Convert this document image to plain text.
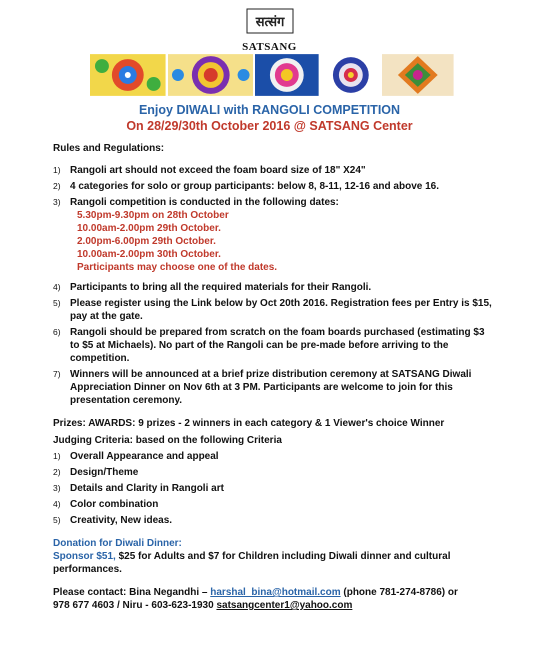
सत्संग
SATSANG
Enjoy DIWALI with RANGOLI COMPETITION
On 28/29/30th October 2016 @ SATSANG Center

Rules and Regulations:

1) Rangoli art should not exceed the foam board size of 18" X24"
2) 4 categories for solo or group participants: below 8, 8-11, 12-16 and above 16.
3) Rangoli competition is conducted in the following dates:
5.30pm-9.30pm on 28th October
10.00am-2.00pm 29th October.
2.00pm-6.00pm 29th October.
10.00am-2.00pm 30th October.
Participants may choose one of the dates.
4) Participants to bring all the required materials for their Rangoli.
5) Please register using the Link below by Oct 20th 2016. Registration fees per Entry is $15, pay at the gate.
6) Rangoli should be prepared from scratch on the foam boards purchased (estimating $3 to $5 at Michaels). No part of the Rangoli can be pre-made before arriving to the competition.
7) Winners will be announced at a brief prize distribution ceremony at SATSANG Diwali Appreciation Dinner on Nov 6th at 3 PM. Participants are welcome to join for this presentation ceremony.

Prizes: AWARDS: 9 prizes - 2 winners in each category & 1 Viewer's choice Winner

Judging Criteria: based on the following Criteria

1) Overall Appearance and appeal
2) Design/Theme
3) Details and Clarity in Rangoli art
4) Color combination
5) Creativity, New ideas.

Donation for Diwali Dinner:

Sponsor $51, $25 for Adults and $7 for Children including Diwali dinner and cultural performances.

Please contact: Bina Negandhi – harshal_bina@hotmail.com (phone 781-274-8786) or

978 677 4603 / Niru - 603-623-1930 satsangcenter1@yahoo.com
